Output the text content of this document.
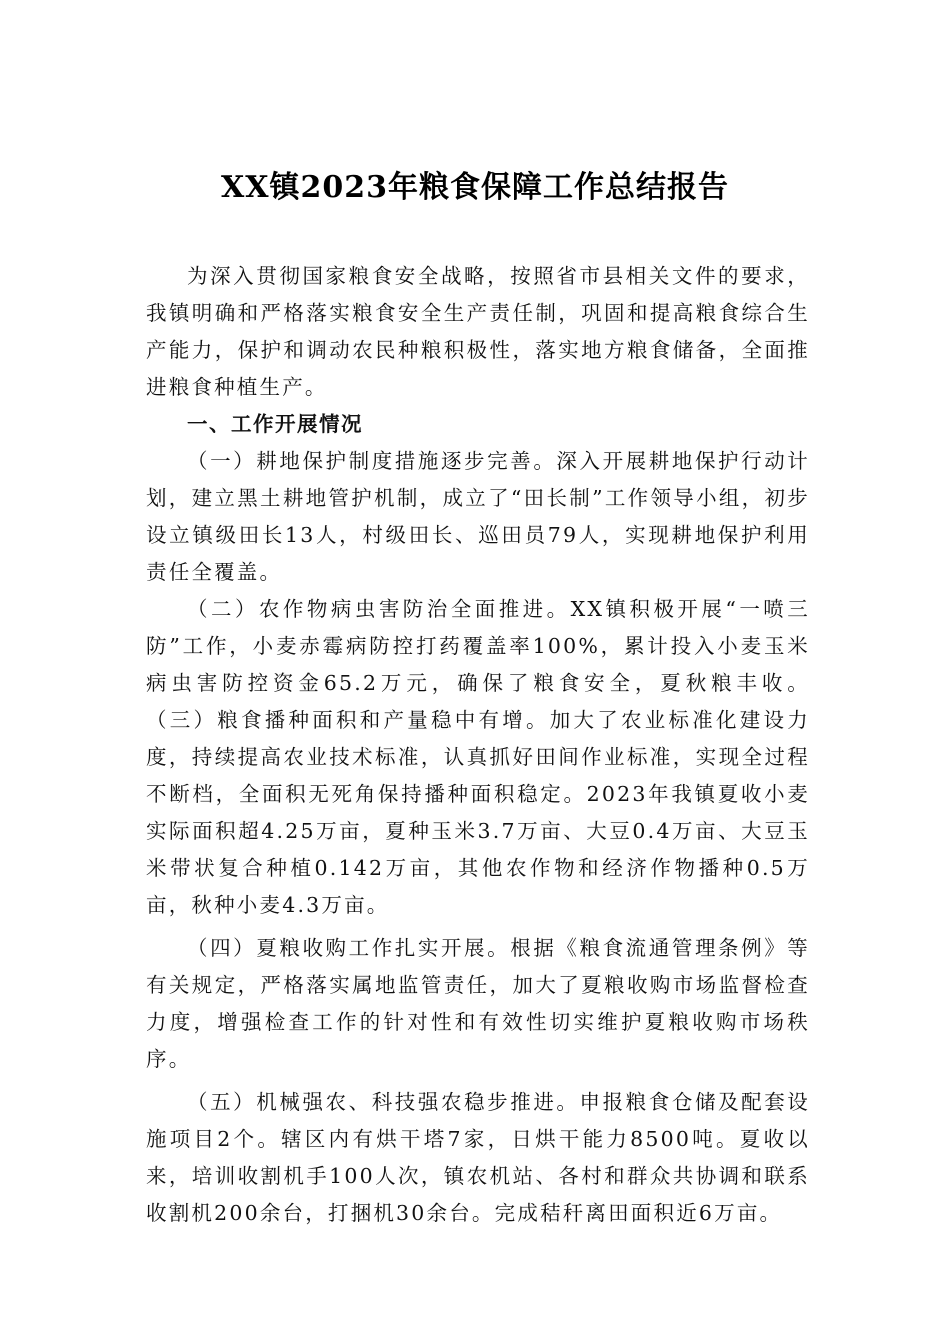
XX镇2023年粮食保障工作总结报告

为深入贯彻国家粮食安全战略，按照省市县相关文件的要求，我镇明确和严格落实粮食安全生产责任制，巩固和提高粮食综合生产能力，保护和调动农民种粮积极性，落实地方粮食储备，全面推进粮食种植生产。

一、工作开展情况

（一）耕地保护制度措施逐步完善。深入开展耕地保护行动计划，建立黑土耕地管护机制，成立了“田长制”工作领导小组，初步设立镇级田长13人，村级田长、巡田员79人，实现耕地保护利用责任全覆盖。

（二）农作物病虫害防治全面推进。XX镇积极开展“一喷三防”工作，小麦赤霉病防控打药覆盖率100%，累计投入小麦玉米病虫害防控资金65.2万元，确保了粮食安全，夏秋粮丰收。 （三）粮食播种面积和产量稳中有增。加大了农业标准化建设力度，持续提高农业技术标准，认真抓好田间作业标准，实现全过程不断档，全面积无死角保持播种面积稳定。2023年我镇夏收小麦实际面积超4.25万亩，夏种玉米3.7万亩、大豆0.4万亩、大豆玉米带状复合种植0.142万亩，其他农作物和经济作物播种0.5万亩，秋种小麦4.3万亩。

（四）夏粮收购工作扎实开展。根据《粮食流通管理条例》等有关规定，严格落实属地监管责任，加大了夏粮收购市场监督检查力度，增强检查工作的针对性和有效性切实维护夏粮收购市场秩序。

（五）机械强农、科技强农稳步推进。申报粮食仓储及配套设施项目2个。辖区内有烘干塔7家，日烘干能力8500吨。夏收以来，培训收割机手100人次，镇农机站、各村和群众共协调和联系收割机200余台，打捆机30余台。完成秸秆离田面积近6万亩。
